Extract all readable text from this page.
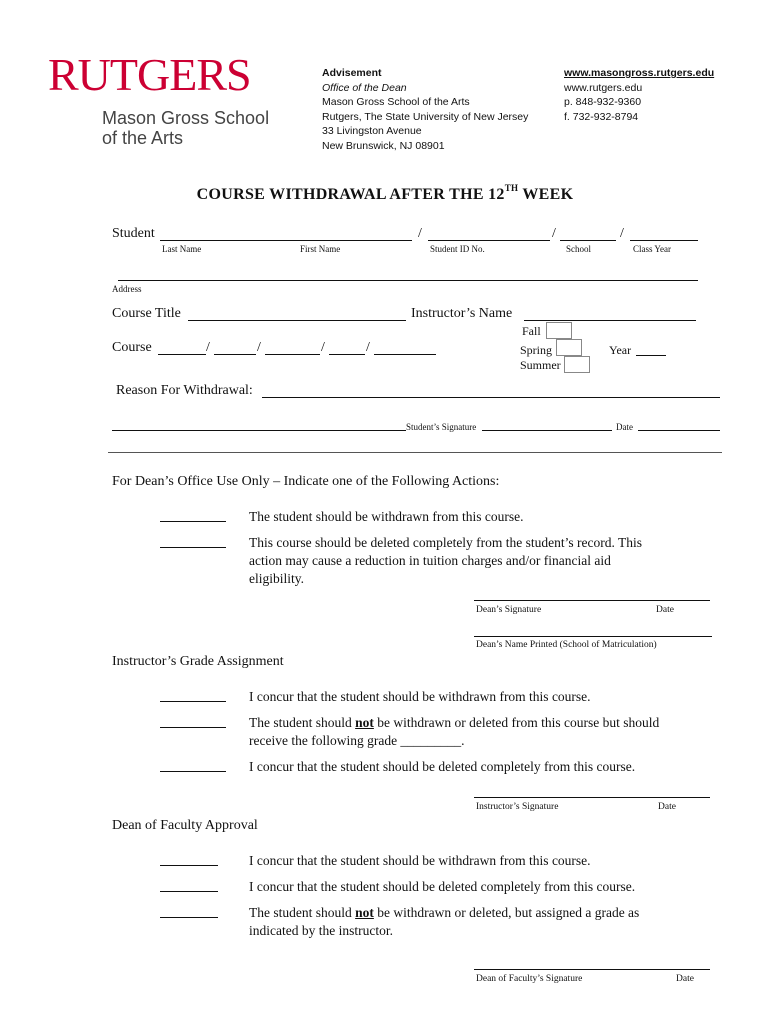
RUTGERS
Mason Gross School
of the Arts
Advisement
Office of the Dean
Mason Gross School of the Arts
Rutgers, The State University of New Jersey
33 Livingston Avenue
New Brunswick, NJ 08901
www.masongross.rutgers.edu
www.rutgers.edu
p. 848-932-9360
f. 732-932-8794
COURSE WITHDRAWAL AFTER THE 12TH WEEK
Student	/	/	/
Last Name	First Name	Student ID No.	School	Class Year
Address
Course Title	Instructor’s Name
Course	/	/	/	/
Fall
Spring
Summer
Year
Reason For Withdrawal:
Student’s Signature	Date
For Dean’s Office Use Only – Indicate one of the Following Actions:
The student should be withdrawn from this course.
This course should be deleted completely from the student’s record. This
action may cause a reduction in tuition charges and/or financial aid
eligibility.
Dean’s Signature	Date
Dean’s Name Printed (School of Matriculation)
Instructor’s Grade Assignment
I concur that the student should be withdrawn from this course.
The student should not be withdrawn or deleted from this course but should
receive the following grade _________.
I concur that the student should be deleted completely from this course.
Instructor’s Signature	Date
Dean of Faculty Approval
I concur that the student should be withdrawn from this course.
I concur that the student should be deleted completely from this course.
The student should not be withdrawn or deleted, but assigned a grade as
indicated by the instructor.
Dean of Faculty’s Signature	Date
